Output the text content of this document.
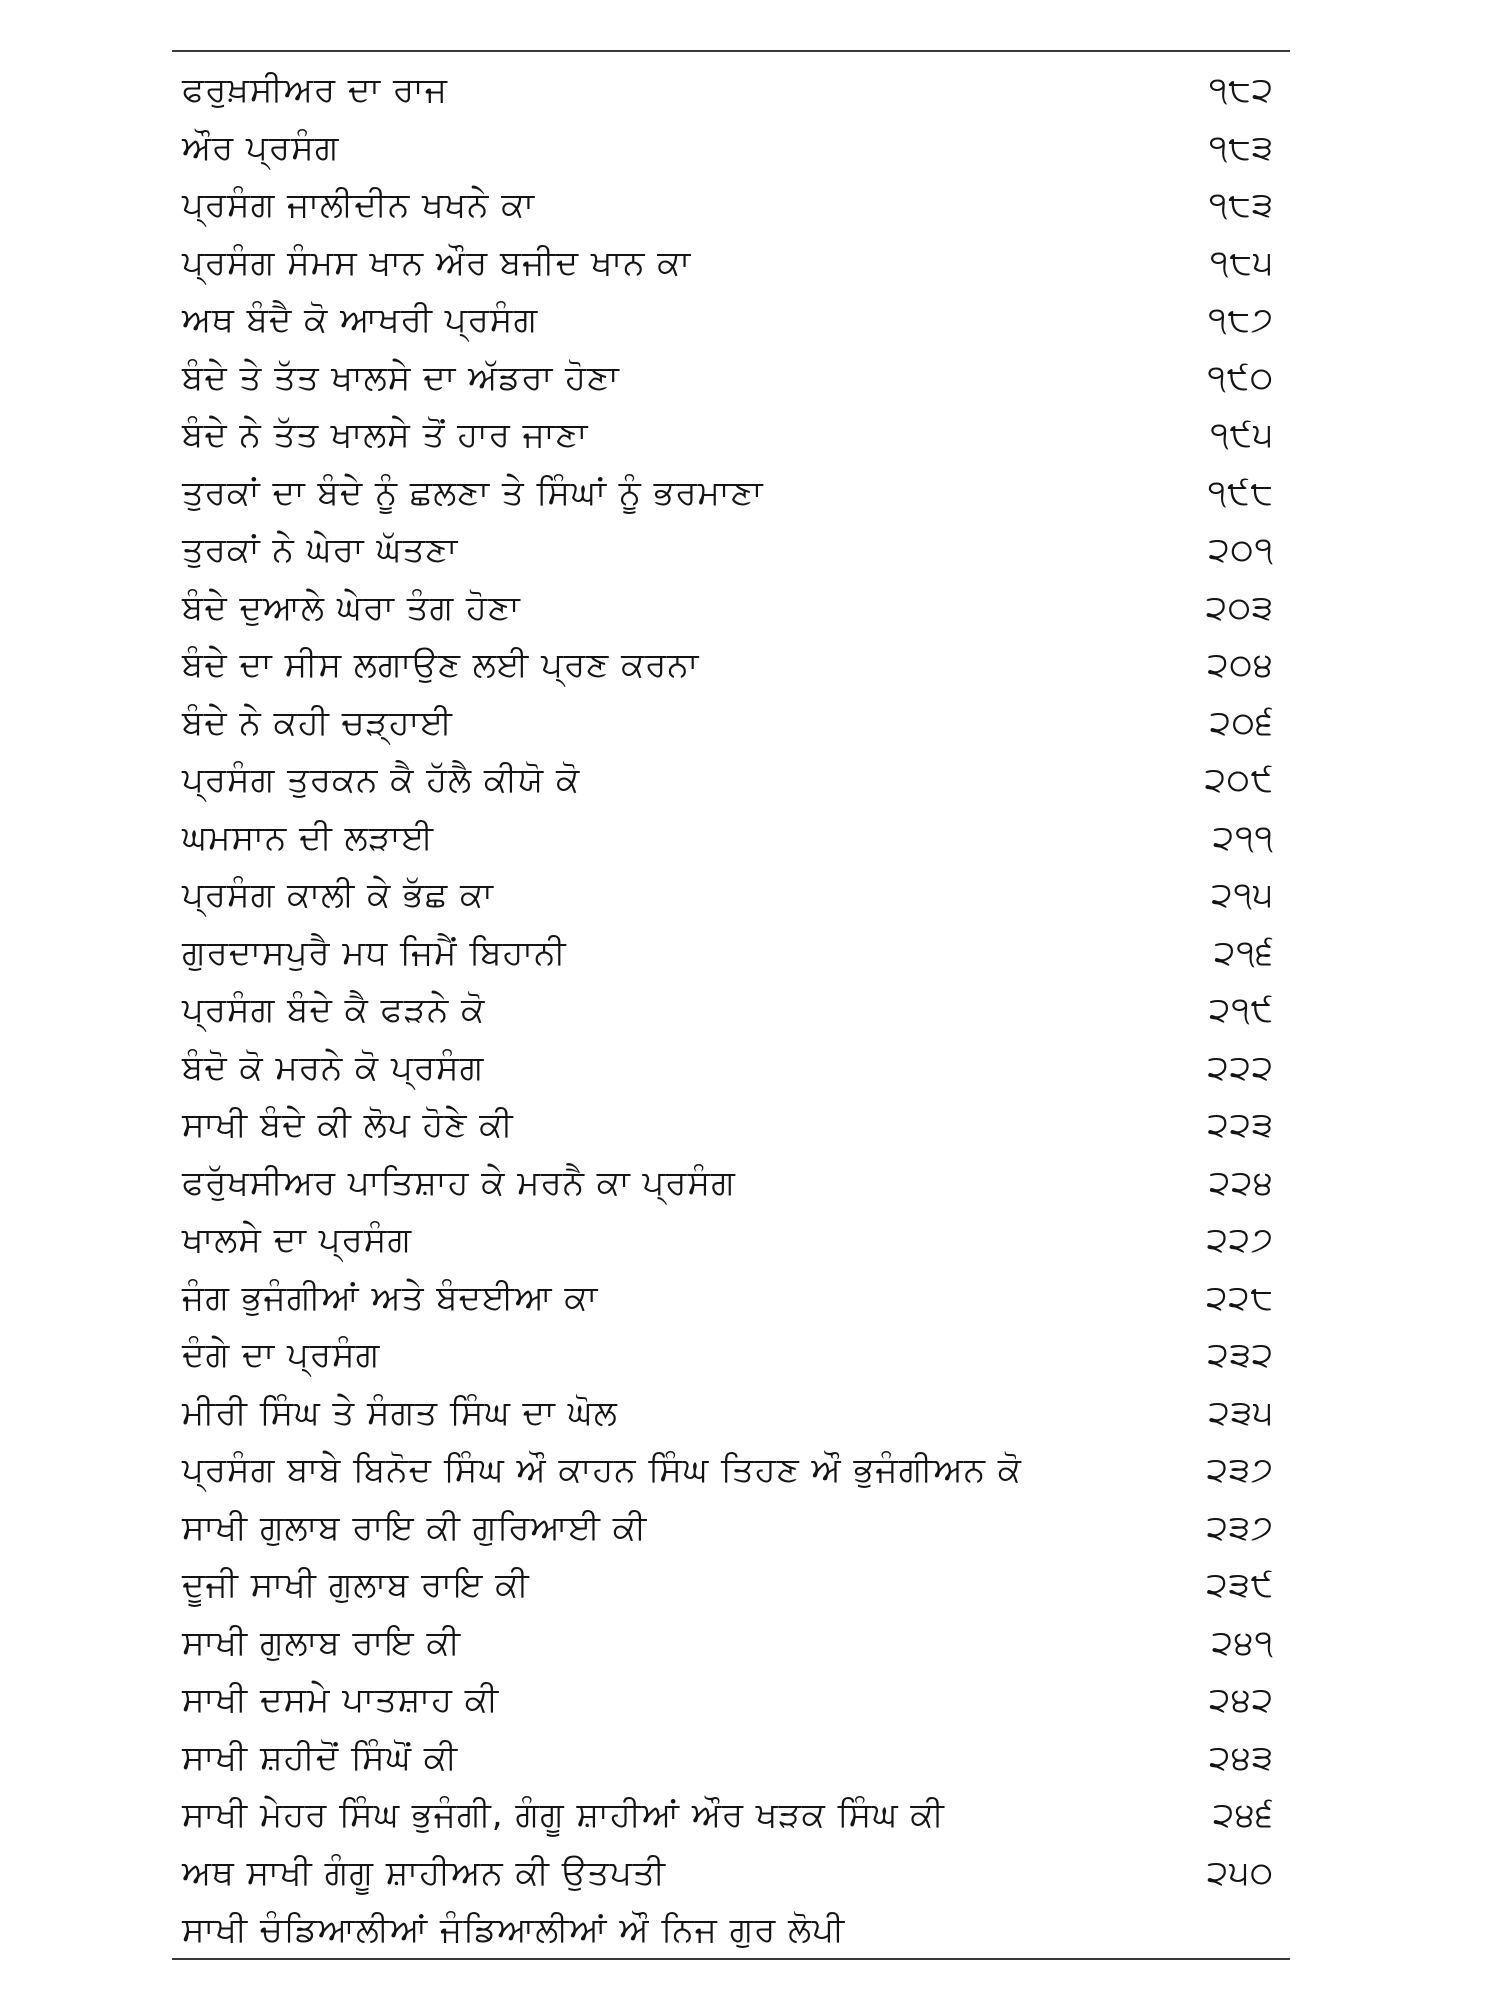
ਫਰੁਖ਼ਸੀਅਰ ਦਾ ਰਾਜ	੧੮੨
ਔਰ ਪ੍ਰਸੰਗ	੧੮੩
ਪ੍ਰਸੰਗ ਜਾਲੀਦੀਨ ਖਖਨੇ ਕਾ	੧੮੩
ਪ੍ਰਸੰਗ ਸੰਮਸ ਖਾਨ ਔਰ ਬਜੀਦ ਖਾਨ ਕਾ	੧੮੫
ਅਥ ਬੰਦੈ ਕੋ ਆਖਰੀ ਪ੍ਰਸੰਗ	੧੮੭
ਬੰਦੇ ਤੇ ਤੱਤ ਖਾਲਸੇ ਦਾ ਅੱਡਰਾ ਹੋਣਾ	੧੯੦
ਬੰਦੇ ਨੇ ਤੱਤ ਖਾਲਸੇ ਤੋਂ ਹਾਰ ਜਾਣਾ	੧੯੫
ਤੁਰਕਾਂ ਦਾ ਬੰਦੇ ਨੂੰ ਛਲਣਾ ਤੇ ਸਿੰਘਾਂ ਨੂੰ ਭਰਮਾਣਾ	੧੯੮
ਤੁਰਕਾਂ ਨੇ ਘੇਰਾ ਘੱਤਣਾ	੨੦੧
ਬੰਦੇ ਦੁਆਲੇ ਘੇਰਾ ਤੰਗ ਹੋਣਾ	੨੦੩
ਬੰਦੇ ਦਾ ਸੀਸ ਲਗਾਉਣ ਲਈ ਪ੍ਰਣ ਕਰਨਾ	੨੦੪
ਬੰਦੇ ਨੇ ਕਹੀ ਚੜ੍ਹਾਈ	੨੦੬
ਪ੍ਰਸੰਗ ਤੁਰਕਨ ਕੈ ਹੱਲੈ ਕੀਯੋ ਕੋ	੨੦੯
ਘਮਸਾਨ ਦੀ ਲੜਾਈ	੨੧੧
ਪ੍ਰਸੰਗ ਕਾਲੀ ਕੇ ਭੱਛ ਕਾ	੨੧੫
ਗੁਰਦਾਸਪੁਰੈ ਮਧ ਜਿਮੈਂ ਬਿਹਾਨੀ	੨੧੬
ਪ੍ਰਸੰਗ ਬੰਦੇ ਕੈ ਫੜਨੇ ਕੋ	੨੧੯
ਬੰਦੋ ਕੋ ਮਰਨੇ ਕੋ ਪ੍ਰਸੰਗ	੨੨੨
ਸਾਖੀ ਬੰਦੇ ਕੀ ਲੋਪ ਹੋਣੇ ਕੀ	੨੨੩
ਫਰੁੱਖਸੀਅਰ ਪਾਤਿਸ਼ਾਹ ਕੇ ਮਰਨੈ ਕਾ ਪ੍ਰਸੰਗ	੨੨੪
ਖਾਲਸੇ ਦਾ ਪ੍ਰਸੰਗ	੨੨੭
ਜੰਗ ਭੁਜੰਗੀਆਂ ਅਤੇ ਬੰਦਈਆ ਕਾ	੨੨੮
ਦੰਗੇ ਦਾ ਪ੍ਰਸੰਗ	੨੩੨
ਮੀਰੀ ਸਿੰਘ ਤੇ ਸੰਗਤ ਸਿੰਘ ਦਾ ਘੋਲ	੨੩੫
ਪ੍ਰਸੰਗ ਬਾਬੇ ਬਿਨੋਦ ਸਿੰਘ ਔ ਕਾਹਨ ਸਿੰਘ ਤਿਹਣ ਔ ਭੁਜੰਗੀਅਨ ਕੋ	੨੩੭
ਸਾਖੀ ਗੁਲਾਬ ਰਾਇ ਕੀ ਗੁਰਿਆਈ ਕੀ	੨੩੭
ਦੂਜੀ ਸਾਖੀ ਗੁਲਾਬ ਰਾਇ ਕੀ	੨੩੯
ਸਾਖੀ ਗੁਲਾਬ ਰਾਇ ਕੀ	੨੪੧
ਸਾਖੀ ਦਸਮੇ ਪਾਤਸ਼ਾਹ ਕੀ	੨੪੨
ਸਾਖੀ ਸ਼ਹੀਦੋਂ ਸਿੰਘੋਂ ਕੀ	੨੪੩
ਸਾਖੀ ਮੇਹਰ ਸਿੰਘ ਭੁਜੰਗੀ, ਗੰਗੂ ਸ਼ਾਹੀਆਂ ਔਰ ਖੜਕ ਸਿੰਘ ਕੀ	੨੪੬
ਅਥ ਸਾਖੀ ਗੰਗੂ ਸ਼ਾਹੀਅਨ ਕੀ ਉਤਪਤੀ	੨੫੦
ਸਾਖੀ ਚੰਡਿਆਲੀਆਂ ਜੰਡਿਆਲੀਆਂ ਔ ਨਿਜ ਗੁਰ ਲੋਪੀ
